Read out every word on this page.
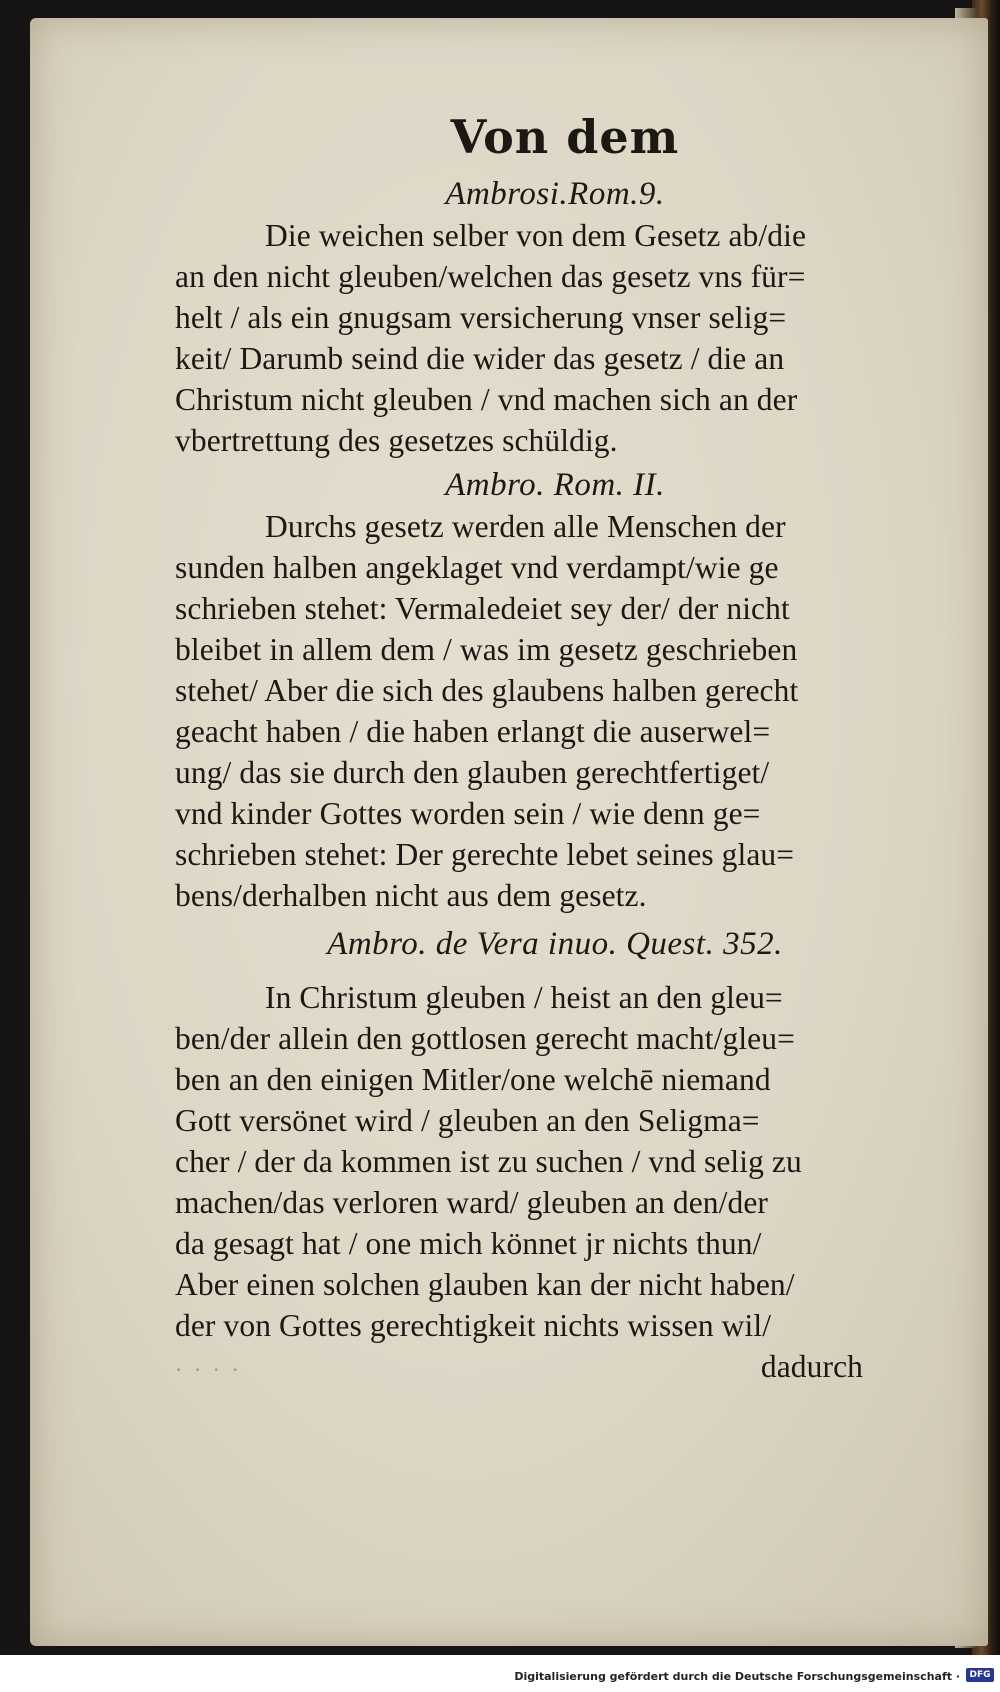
Von dem
Ambrosi.Rom.9.
Die weichen selber von dem Gesetz ab/die
an den nicht gleuben/welchen das gesetz vns für=
helt / als ein gnugsam versicherung vnser selig=
keit/ Darumb seind die wider das gesetz / die an
Christum nicht gleuben / vnd machen sich an der
vbertrettung des gesetzes schüldig.
Ambro. Rom. II.
Durchs gesetz werden alle Menschen der
sunden halben angeklaget vnd verdampt/wie ge
schrieben stehet: Vermaledeiet sey der/ der nicht
bleibet in allem dem / was im gesetz geschrieben
stehet/ Aber die sich des glaubens halben gerecht
geacht haben / die haben erlangt die auserwel=
ung/ das sie durch den glauben gerechtfertiget/
vnd kinder Gottes worden sein / wie denn ge=
schrieben stehet: Der gerechte lebet seines glau=
bens/derhalben nicht aus dem gesetz.
Ambro. de Vera inuo. Quest. 352.
In Christum gleuben / heist an den gleu=
ben/der allein den gottlosen gerecht macht/gleu=
ben an den einigen Mitler/one welchē niemand
Gott versönet wird / gleuben an den Seligma=
cher / der da kommen ist zu suchen / vnd selig zu
machen/das verloren ward/ gleuben an den/der
da gesagt hat / one mich könnet jr nichts thun/
Aber einen solchen glauben kan der nicht haben/
der von Gottes gerechtigkeit nichts wissen wil/
· · · ·	dadurch
Digitalisierung gefördert durch die Deutsche Forschungsgemeinschaft ·	DFG
